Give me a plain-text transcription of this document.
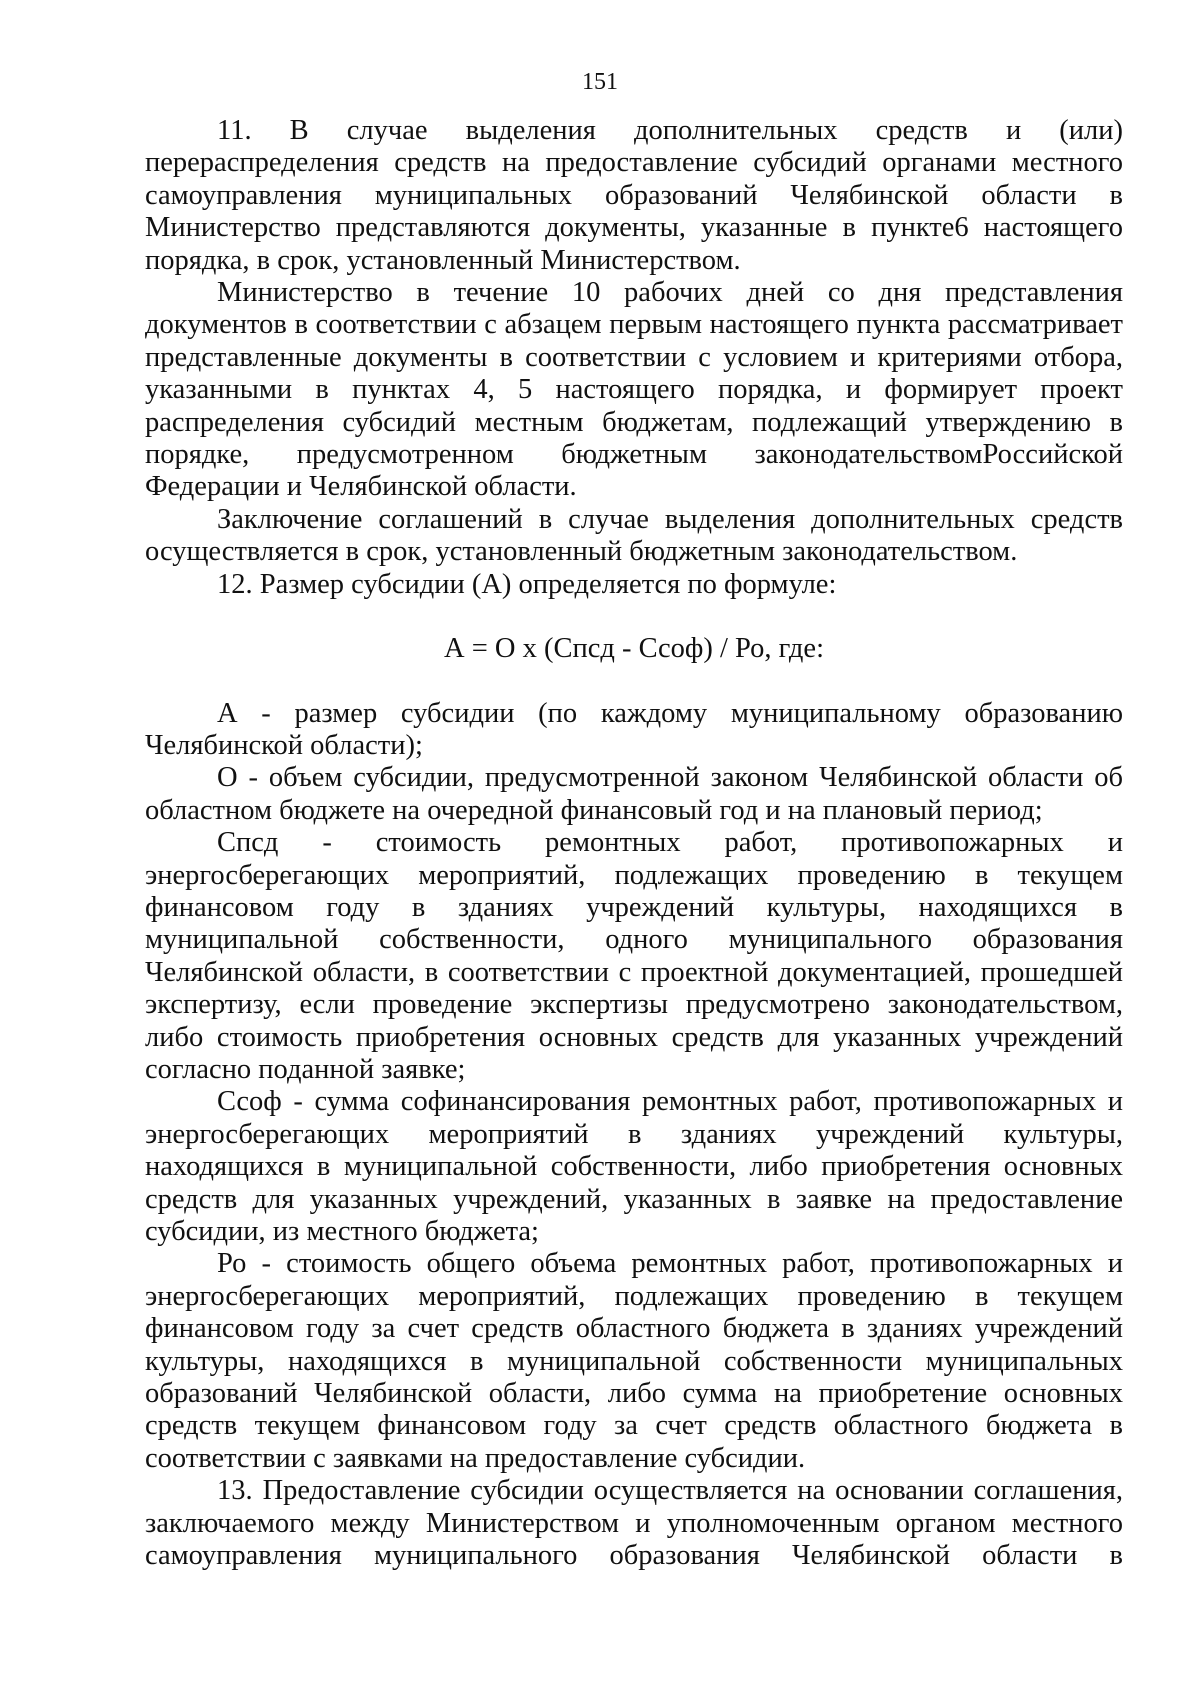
151

11. В случае выделения дополнительных средств и (или) перераспределения средств на предоставление субсидий органами местного самоуправления муниципальных образований Челябинской области в Министерство представляются документы, указанные в пункте6 настоящего порядка, в срок, установленный Министерством.

Министерство в течение 10 рабочих дней со дня представления документов в соответствии с абзацем первым настоящего пункта рассматривает представленные документы в соответствии с условием и критериями отбора, указанными в пунктах 4, 5 настоящего порядка, и формирует проект распределения субсидий местным бюджетам, подлежащий утверждению в порядке, предусмотренном бюджетным законодательствомРоссийской Федерации и Челябинской области.

Заключение соглашений в случае выделения дополнительных средств осуществляется в срок, установленный бюджетным законодательством.

12. Размер субсидии (А) определяется по формуле:

А = О х (Спсд - Ссоф) / Ро, где:

А - размер субсидии (по каждому муниципальному образованию Челябинской области);

О - объем субсидии, предусмотренной законом Челябинской области об областном бюджете на очередной финансовый год и на плановый период;

Спсд - стоимость ремонтных работ, противопожарных и энергосберегающих мероприятий, подлежащих проведению в текущем финансовом году в зданиях учреждений культуры, находящихся в муниципальной собственности, одного муниципального образования Челябинской области, в соответствии с проектной документацией, прошедшей экспертизу, если проведение экспертизы предусмотрено законодательством, либо стоимость приобретения основных средств для указанных учреждений согласно поданной заявке;

Ссоф - сумма софинансирования ремонтных работ, противопожарных и энергосберегающих мероприятий в зданиях учреждений культуры, находящихся в муниципальной собственности, либо приобретения основных средств для указанных учреждений, указанных в заявке на предоставление субсидии, из местного бюджета;

Ро - стоимость общего объема ремонтных работ, противопожарных и энергосберегающих мероприятий, подлежащих проведению в текущем финансовом году за счет средств областного бюджета в зданиях учреждений культуры, находящихся в муниципальной собственности муниципальных образований Челябинской области, либо сумма на приобретение основных средств текущем финансовом году за счет средств областного бюджета в соответствии с заявками на предоставление субсидии.

13. Предоставление субсидии осуществляется на основании соглашения, заключаемого между Министерством и уполномоченным органом местного самоуправления муниципального образования Челябинской области в
